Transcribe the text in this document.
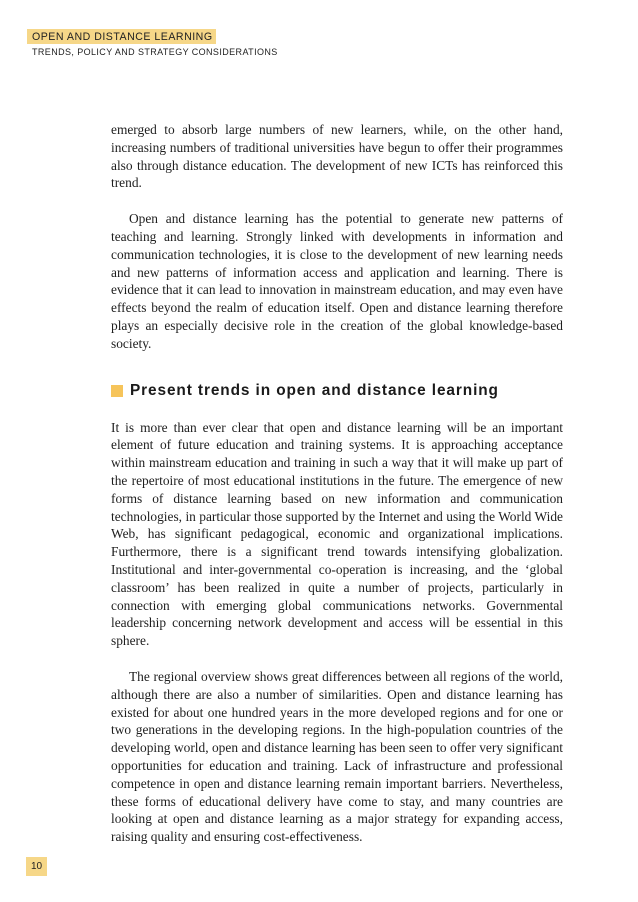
OPEN AND DISTANCE LEARNING
TRENDS, POLICY AND STRATEGY CONSIDERATIONS

emerged to absorb large numbers of new learners, while, on the other hand, increasing numbers of traditional universities have begun to offer their programmes also through distance education. The development of new ICTs has reinforced this trend.

Open and distance learning has the potential to generate new patterns of teaching and learning. Strongly linked with developments in information and communication technologies, it is close to the development of new learning needs and new patterns of information access and application and learning. There is evidence that it can lead to innovation in mainstream education, and may even have effects beyond the realm of education itself. Open and distance learning therefore plays an especially decisive role in the creation of the global knowledge-based society.

Present trends in open and distance learning

It is more than ever clear that open and distance learning will be an important element of future education and training systems. It is approaching acceptance within mainstream education and training in such a way that it will make up part of the repertoire of most educational institutions in the future. The emergence of new forms of distance learning based on new information and communication technologies, in particular those supported by the Internet and using the World Wide Web, has significant pedagogical, economic and organizational implications. Furthermore, there is a significant trend towards intensifying globalization. Institutional and inter-governmental co-operation is increasing, and the ‘global classroom’ has been realized in quite a number of projects, particularly in connection with emerging global communications networks. Governmental leadership concerning network development and access will be essential in this sphere.

The regional overview shows great differences between all regions of the world, although there are also a number of similarities. Open and distance learning has existed for about one hundred years in the more developed regions and for one or two generations in the developing regions. In the high-population countries of the developing world, open and distance learning has been seen to offer very significant opportunities for education and training. Lack of infrastructure and professional competence in open and distance learning remain important barriers. Nevertheless, these forms of educational delivery have come to stay, and many countries are looking at open and distance learning as a major strategy for expanding access, raising quality and ensuring cost-effectiveness.

10
